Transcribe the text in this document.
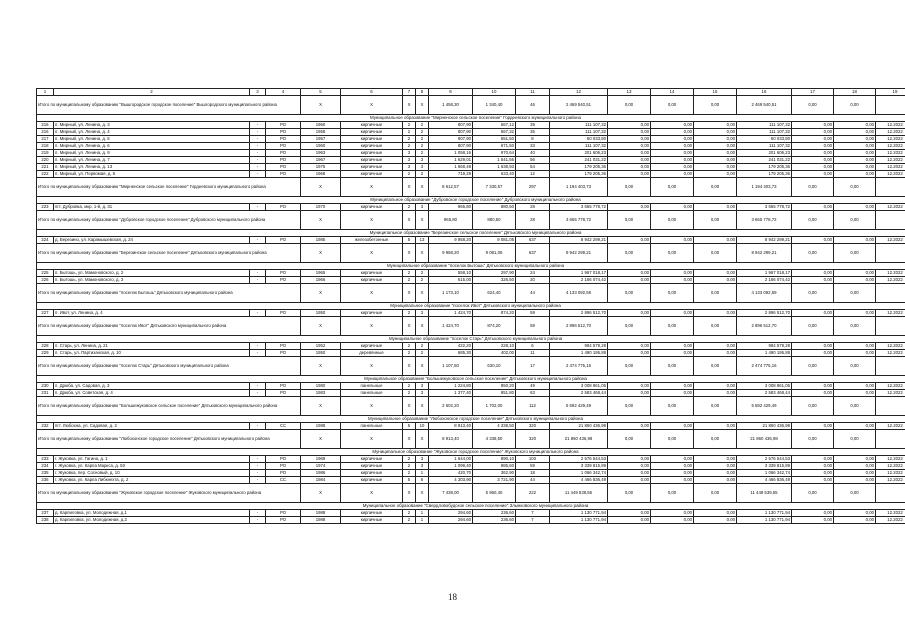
1	2	3	4	5	6	7	8	9	10	11	12	13	14	15	16	17	18	19
Итого по муниципальному образованию "Вышгородское городское поселение" Вышгородского муниципального района				X	X	X	X	1 458,30	1 340,40	46	2 469 540,51	0,00	0,00	0,00	2 469 540,51	0,00	0,00	
Муниципальное образование "Мирненское сельское поселение" Гордеевского муниципального района																		
215	п. Мирный, ул. Ленина, д. 3	-	РО	1960	кирпичные	2	2	807,90	667,12	39	111 107,32	0,00	0,00	0,00	111 107,32	0,00	0,00	12.2022
216	п. Мирный, ул. Ленина, д. 4	-	РО	1958	кирпичные	2	2	807,90	667,32	35	111 107,32	0,00	0,00	0,00	111 107,32	0,00	0,00	12.2022
217	п. Мирный, ул. Ленина, д. 5	-	РО	1957	кирпичные	2	2	807,90	651,50	8	60 033,80	0,00	0,00	0,00	60 033,80	0,00	0,00	12.2022
218	п. Мирный, ул. Ленина, д. 6	-	РО	1960	кирпичные	2	2	807,90	671,50	33	111 107,32	0,00	0,00	0,00	111 107,32	0,00	0,00	12.2022
219	п. Мирный, ул. Ленина, д. 9	-	РО	1963	кирпичные	3	2	1 058,16	970,64	40	201 606,23	0,00	0,00	0,00	201 606,23	0,00	0,00	12.2022
220	п. Мирный, ул. Ленина, д. 7	-	РО	1967	кирпичные	3	3	1 629,01	1 541,56	56	241 031,22	0,00	0,00	0,00	241 031,22	0,00	0,00	12.2022
221	п. Мирный, ул. Ленина, д. 13	-	РО	1975	кирпичные	3	3	1 668,48	1 638,93	54	179 205,36	0,00	0,00	0,00	179 205,36	0,00	0,00	12.2022
222	п. Мирный, ул. Первомая, д. 5	-	РО	1968	кирпичные	2	2	719,28	633,40	12	179 205,36	0,00	0,00	0,00	179 205,36	0,00	0,00	12.2022
Итого по муниципальному образованию "Мирненское сельское поселение" Гордеевского муниципального района				X	X	X	X	8 612,57	7 330,57	297	1 194 403,73	0,00	0,00	0,00	1 194 403,73	0,00	0,00	
Муниципальное образование "Дубровское городское поселение" Дубровского муниципального района																		
223	пгт. Дубровка, мкр. 1-й, д. 31	-	РО	1970	кирпичные	2	3	965,80	880,50	28	3 665 778,72	0,00	0,00	0,00	3 665 778,72	0,00	0,00	12.2022
Итого по муниципальному образованию "Дубровское городское поселение" Дубровского муниципального района				X	X	X	X	965,80	880,50	28	3 665 778,72	0,00	0,00	0,00	3 665 778,72	0,00	0,00	
Муниципальное образование "Березинское сельское поселение" Дятьковского муниципального района																		
224	д. Березино, ул. Карамышевская, д. 24	-	РО	1985	железобетонные	5	13	9 958,20	9 081,05	637	8 942 299,21	0,00	0,00	0,00	8 942 299,21	0,00	0,00	12.2022
Итого по муниципальному образованию "Березинское сельское поселение" Дятьковского муниципального района				X	X	X	X	9 958,20	9 081,05	637	8 942 299,21	0,00	0,00	0,00	8 942 299,21	0,00	0,00	
Муниципальное образование "поселок Бытошь" Дятьковского муниципального района																		
225	п. Бытошь, ул. Мамоновского, д. 2	-	РО	1965	кирпичные	2	2	558,10	297,90	24	1 967 018,17	0,00	0,00	0,00	1 967 018,17	0,00	0,00	12.2022
226	п. Бытошь, ул. Мамоновского, д. 3	-	РО	1966	кирпичные	2	2	615,00	326,50	20	2 166 074,42	0,00	0,00	0,00	2 166 074,42	0,00	0,00	12.2022
Итого по муниципальному образованию "поселок Бытошь" Дятьковского муниципального района				X	X	X	X	1 173,10	624,40	44	4 133 092,59	0,00	0,00	0,00	4 133 092,59	0,00	0,00	
Муниципальное образование "поселок Ивот" Дятьковского муниципального района																		
227	п. Ивот, ул. Ленина, д. 4	-	РО	1950	кирпичные	2	3	1 424,70	874,20	59	2 896 512,70	0,00	0,00	0,00	2 896 512,70	0,00	0,00	12.2022
Итого по муниципальному образованию "поселок Ивот" Дятьковского муниципального района				X	X	X	X	1 424,70	874,20	59	2 896 512,70	0,00	0,00	0,00	2 896 512,70	0,00	0,00	
Муниципальное образование "поселок Старь" Дятьковского муниципального района																		
228	п. Старь, ул. Ленина, д. 21	-	РО	1952	кирпичные	2	2	422,20	228,10	6	984 579,28	0,00	0,00	0,00	984 579,28	0,00	0,00	12.2022
229	п. Старь, ул. Партизанская, д. 10	-	РО	1950	деревянные	2	2	685,30	402,00	11	1 490 195,88	0,00	0,00	0,00	1 490 195,88	0,00	0,00	12.2022
Итого по муниципальному образованию "поселок Старь" Дятьковского муниципального района				X	X	X	X	1 107,50	630,10	17	2 474 775,16	0,00	0,00	0,00	2 474 775,16	0,00	0,00	
Муниципальное образование "Большежуковское сельское поселение" Дятьковского муниципального района																		
230	п. Дрюба, ул. Садовая, д. 3	-	РО	1980	панельные	2	3	1 224,80	850,20	49	3 008 961,05	0,00	0,00	0,00	3 008 961,05	0,00	0,00	12.2022
231	п. Дрюба, ул. Советская, д. 4	-	РО	1983	панельные	2	3	1 377,40	851,80	63	2 583 468,44	0,00	0,00	0,00	2 583 468,44	0,00	0,00	12.2022
Итого по муниципальному образованию "Большежуковское сельское поселение" Дятьковского муниципального района				X	X	X	X	2 602,20	1 702,00	112	5 592 429,49	0,00	0,00	0,00	5 592 429,49	0,00	0,00	
Муниципальное образование "Любохонское городское поселение" Дятьковского муниципального района																		
232	пгт. Любохна, ул. Садовая, д. 2	-	СС	1988	панельные	5	10	8 913,40	4 338,50	320	21 860 436,98	0,00	0,00	0,00	21 860 436,98	0,00	0,00	12.2022
Итого по муниципальному образованию "Любохонское городское поселение" Дятьковского муниципального района				X	X	X	X	8 913,40	4 338,50	320	21 860 436,98	0,00	0,00	0,00	21 860 436,98	0,00	0,00	
Муниципальное образование "Жуковское городское поселение" Жуковского муниципального района																		
233	г. Жуковка, ул. Гагина, д. 1	-	РО	1969	кирпичные	2	3	1 644,00	890,10	103	2 576 544,53	0,00	0,00	0,00	2 576 544,53	0,00	0,00	12.2022
234	г. Жуковка, ул. Карла Маркса, д. 50	-	РО	1974	кирпичные	2	3	1 099,40	985,60	59	3 339 815,89	0,00	0,00	0,00	3 339 815,89	0,00	0,00	12.2022
235	г. Жуковка, пер. Сосновый, д. 10	-	РО	1986	кирпичные	2	1	420,70	362,90	18	1 066 342,74	0,00	0,00	0,00	1 066 342,74	0,00	0,00	12.2022
236	г. Жуковка, ул. Карла Либкнехта, д. 2	-	СС	1984	кирпичные	5	6	4 303,90	3 721,90	44	4 466 836,49	0,00	0,00	0,00	4 466 836,49	0,00	0,00	12.2022
Итого по муниципальному образованию "Жуковское городское поселение" Жуковского муниципального района				X	X	X	X	7 438,00	5 960,40	222	11 449 539,55	0,00	0,00	0,00	11 449 539,55	0,00	0,00	
Муниципальное образование "Свердловобудское сельское поселение" Злынковского муниципального района																		
237	д. Карпиловка, ул. Молодежная, д.1	-	РО	1988	кирпичные	2	1	294,60	236,60	7	1 130 771,94	0,00	0,00	0,00	1 130 771,94	0,00	0,00	12.2022
238	д. Карпиловка, ул. Молодежная, д.2	-	РО	1988	кирпичные	2	1	294,60	236,60	7	1 130 771,94	0,00	0,00	0,00	1 130 771,94	0,00	0,00	12.2022
18
